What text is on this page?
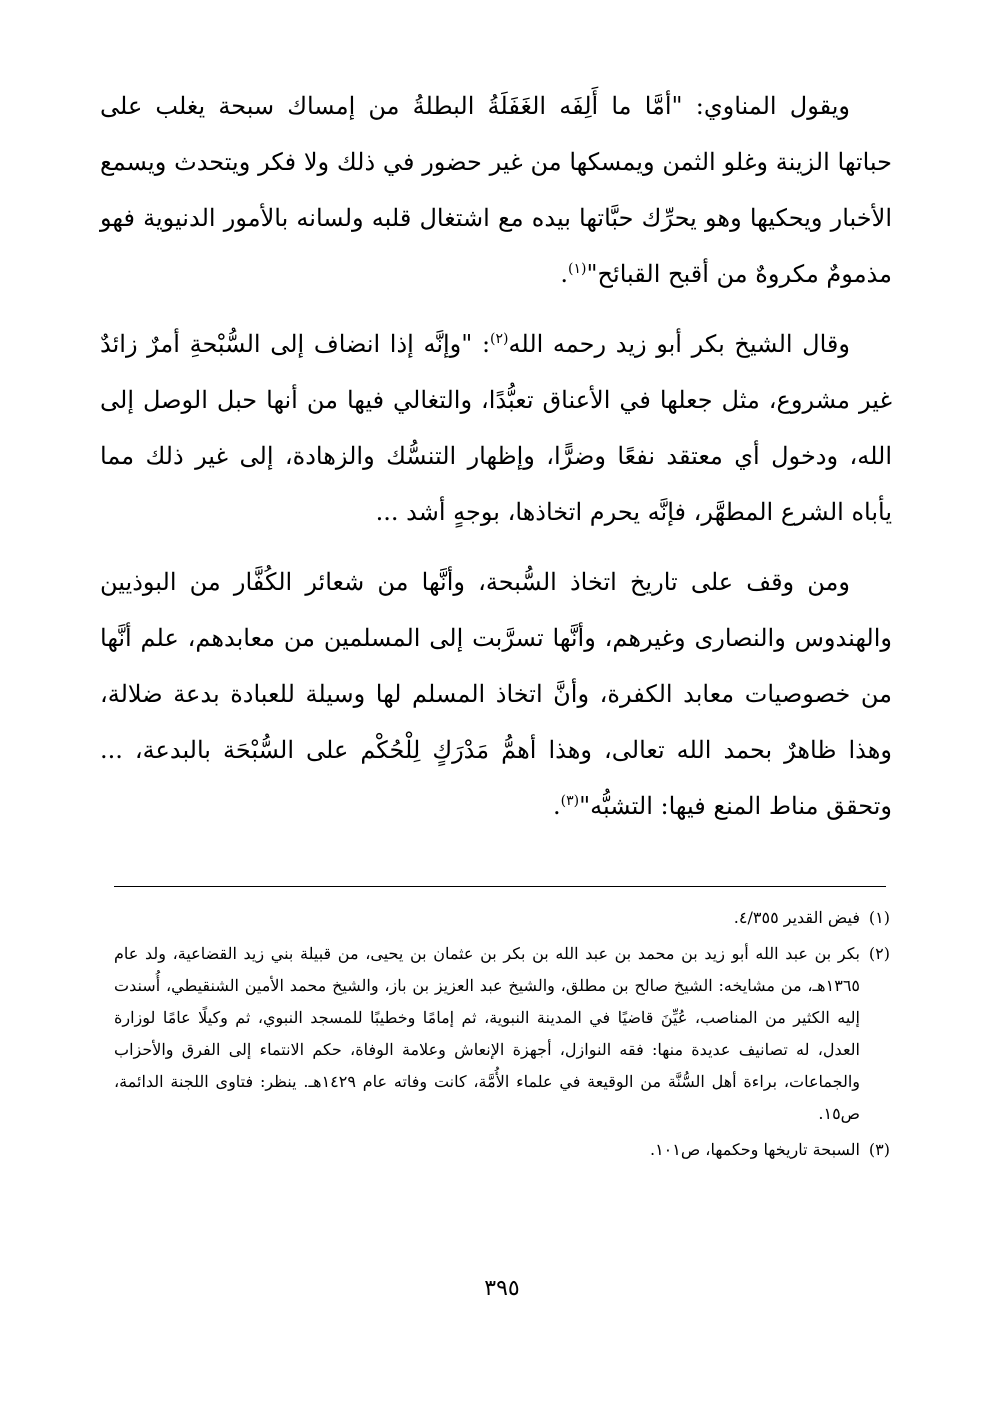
ويقول المناوي: "أمَّا ما أَلِفَه الغَفَلَةُ البطلةُ من إمساك سبحة يغلب على حباتها الزينة وغلو الثمن ويمسكها من غير حضور في ذلك ولا فكر ويتحدث ويسمع الأخبار ويحكيها وهو يحرِّك حبَّاتها بيده مع اشتغال قلبه ولسانه بالأمور الدنيوية فهو مذمومٌ مكروهٌ من أقبح القبائح"$^{(١)}$.

وقال الشيخ بكر أبو زيد رحمه الله$^{(٢)}$: "وإنَّه إذا انضاف إلى السُّبْحةِ أمرٌ زائدٌ غير مشروع، مثل جعلها في الأعناق تعبُّدًا، والتغالي فيها من أنها حبل الوصل إلى الله، ودخول أي معتقد نفعًا وضرًّا، وإظهار التنسُّك والزهادة، إلى غير ذلك مما يأباه الشرع المطهَّر، فإنَّه يحرم اتخاذها، بوجهٍ أشد ...

ومن وقف على تاريخ اتخاذ السُّبحة، وأنَّها من شعائر الكُفَّار من البوذيين والهندوس والنصارى وغيرهم، وأنَّها تسرَّبت إلى المسلمين من معابدهم، علم أنَّها من خصوصيات معابد الكفرة، وأنَّ اتخاذ المسلم لها وسيلة للعبادة بدعة ضلالة، وهذا ظاهرٌ بحمد الله تعالى، وهذا أهمُّ مَدْرَكٍ لِلْحُكْم على السُّبْحَة بالبدعة، ... وتحقق مناط المنع فيها: التشبُّه"$^{(٣)}$.

(١)
فيض القدير ٤/٣٥٥.

(٢)
بكر بن عبد الله أبو زيد بن محمد بن عبد الله بن بكر بن عثمان بن يحيى، من قبيلة بني زيد القضاعية، ولد عام ١٣٦٥هـ، من مشايخه: الشيخ صالح بن مطلق، والشيخ عبد العزيز بن باز، والشيخ محمد الأمين الشنقيطي، أُسندت إليه الكثير من المناصب، عُيِّنَ قاضيًا في المدينة النبوية، ثم إمامًا وخطيبًا للمسجد النبوي، ثم وكيلًا عامًا لوزارة العدل، له تصانيف عديدة منها: فقه النوازل، أجهزة الإنعاش وعلامة الوفاة، حكم الانتماء إلى الفرق والأحزاب والجماعات، براءة أهل السُّنَّة من الوقيعة في علماء الأُمَّة، كانت وفاته عام ١٤٢٩هـ. ينظر: فتاوى اللجنة الدائمة، ص١٥.

(٣)
السبحة تاريخها وحكمها، ص١٠١.

٣٩٥
